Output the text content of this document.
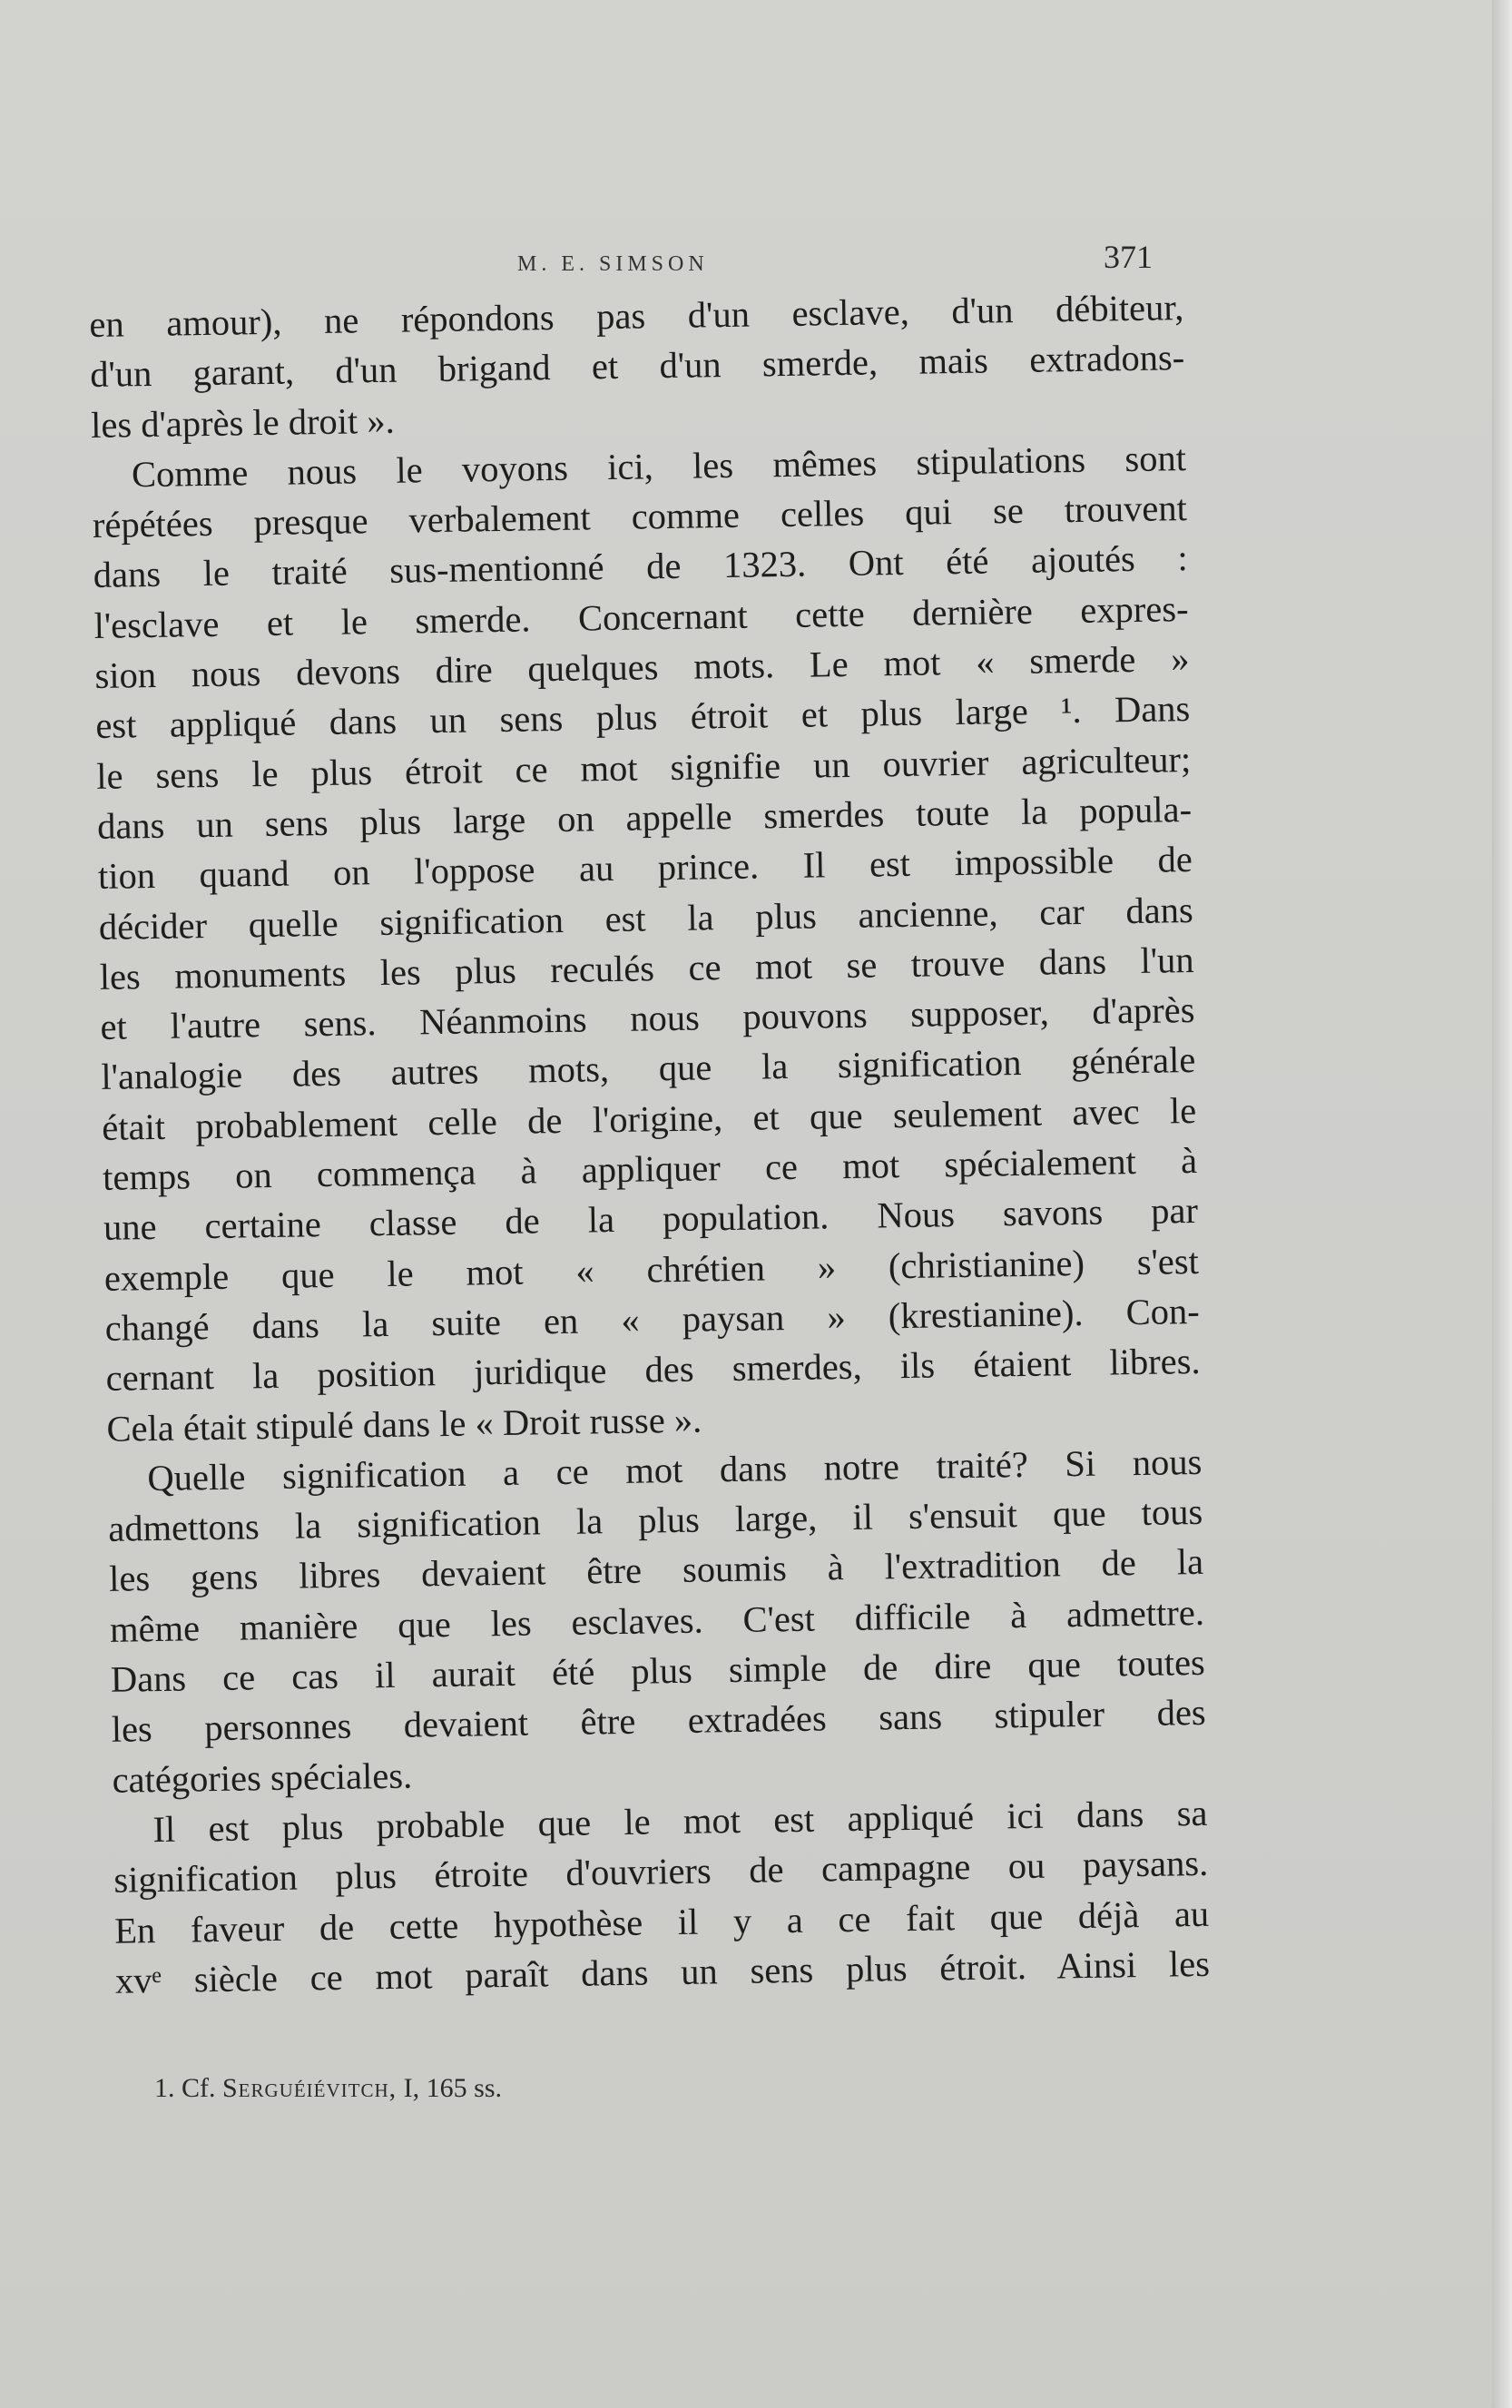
M. E. SIMSON	371
en amour), ne répondons pas d'un esclave, d'un débiteur,
d'un garant, d'un brigand et d'un smerde, mais extradons-
les d'après le droit ».
Comme nous le voyons ici, les mêmes stipulations sont
répétées presque verbalement comme celles qui se trouvent
dans le traité sus-mentionné de 1323. Ont été ajoutés :
l'esclave et le smerde. Concernant cette dernière expres-
sion nous devons dire quelques mots. Le mot « smerde »
est appliqué dans un sens plus étroit et plus large ¹. Dans
le sens le plus étroit ce mot signifie un ouvrier agriculteur;
dans un sens plus large on appelle smerdes toute la popula-
tion quand on l'oppose au prince. Il est impossible de
décider quelle signification est la plus ancienne, car dans
les monuments les plus reculés ce mot se trouve dans l'un
et l'autre sens. Néanmoins nous pouvons supposer, d'après
l'analogie des autres mots, que la signification générale
était probablement celle de l'origine, et que seulement avec le
temps on commença à appliquer ce mot spécialement à
une certaine classe de la population. Nous savons par
exemple que le mot « chrétien » (christianine) s'est
changé dans la suite en « paysan » (krestianine). Con-
cernant la position juridique des smerdes, ils étaient libres.
Cela était stipulé dans le « Droit russe ».
Quelle signification a ce mot dans notre traité? Si nous
admettons la signification la plus large, il s'ensuit que tous
les gens libres devaient être soumis à l'extradition de la
même manière que les esclaves. C'est difficile à admettre.
Dans ce cas il aurait été plus simple de dire que toutes
les personnes devaient être extradées sans stipuler des
catégories spéciales.
Il est plus probable que le mot est appliqué ici dans sa
signification plus étroite d'ouvriers de campagne ou paysans.
En faveur de cette hypothèse il y a ce fait que déjà au
xvᵉ siècle ce mot paraît dans un sens plus étroit. Ainsi les
1. Cf. Serguéiévitch, I, 165 ss.
